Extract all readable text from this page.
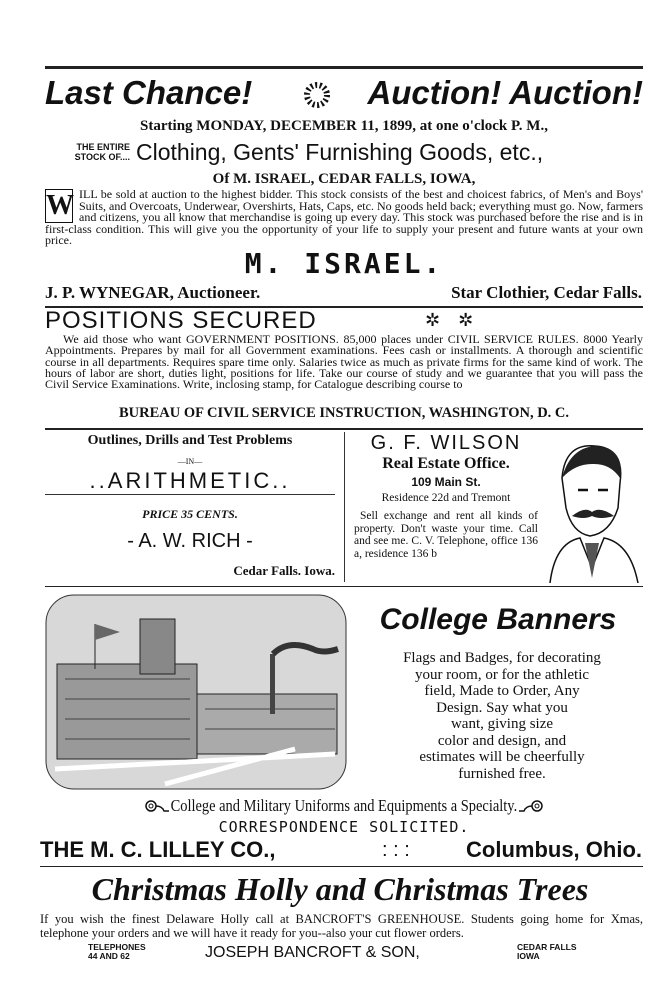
Last Chance!	Auction! Auction!
Starting MONDAY, DECEMBER 11, 1899, at one o'clock P. M.,
THE ENTIRE
STOCK OF.... Clothing, Gents' Furnishing Goods, etc.,
Of M. ISRAEL, CEDAR FALLS, IOWA,
W ILL be sold at auction to the highest bidder. This stock consists of the best and choicest fabrics, of Men's and Boys' Suits, and Overcoats, Underwear, Overshirts, Hats, Caps, etc. No goods held back; everything must go. Now, farmers and citizens, you all know that merchandise is going up every day. This stock was purchased before the rise and is in first-class condition. This will give you the opportunity of your life to supply your present and future wants at your own price.

M. ISRAEL.
J. P. WYNEGAR, Auctioneer.	Star Clothier, Cedar Falls.
POSITIONS SECURED	✲✲

We aid those who want GOVERNMENT POSITIONS. 85,000 places under CIVIL SERVICE RULES. 8000 Yearly Appointments. Prepares by mail for all Government examinations. Fees cash or installments. A thorough and scientific course in all departments. Requires spare time only. Salaries twice as much as private firms for the same kind of work. The hours of labor are short, duties light, positions for life. Take our course of study and we guarantee that you will pass the Civil Service Examinations. Write, inclosing stamp, for Catalogue describing course to

BUREAU OF CIVIL SERVICE INSTRUCTION, WASHINGTON, D. C.
Outlines, Drills and Test Problems
—IN—
..ARITHMETIC..
PRICE 35 CENTS.
- A. W. RICH -
Cedar Falls. Iowa.
G. F. WILSON
Real Estate Office.
109 Main St.
Residence 22d and Tremont

Sell exchange and rent all kinds of property. Don't waste your time. Call and see me. C. V. Telephone, office 136 a, residence 136 b

College Banners
Flags and Badges, for decorating
your room, or for the athletic
field, Made to Order, Any
Design. Say what you
want, giving size
color and design, and
estimates will be cheerfully
furnished free.
College and Military Uniforms and Equipments a Specialty.
CORRESPONDENCE SOLICITED.
THE M. C. LILLEY CO.,	: : :	Columbus, Ohio.
Christmas Holly and Christmas Trees

If you wish the finest Delaware Holly call at BANCROFT'S GREENHOUSE. Students going home for Xmas, telephone your orders and we will have it ready for you--also your cut flower orders.

TELEPHONES
44 AND 62	JOSEPH BANCROFT & SON,	CEDAR FALLS
IOWA
